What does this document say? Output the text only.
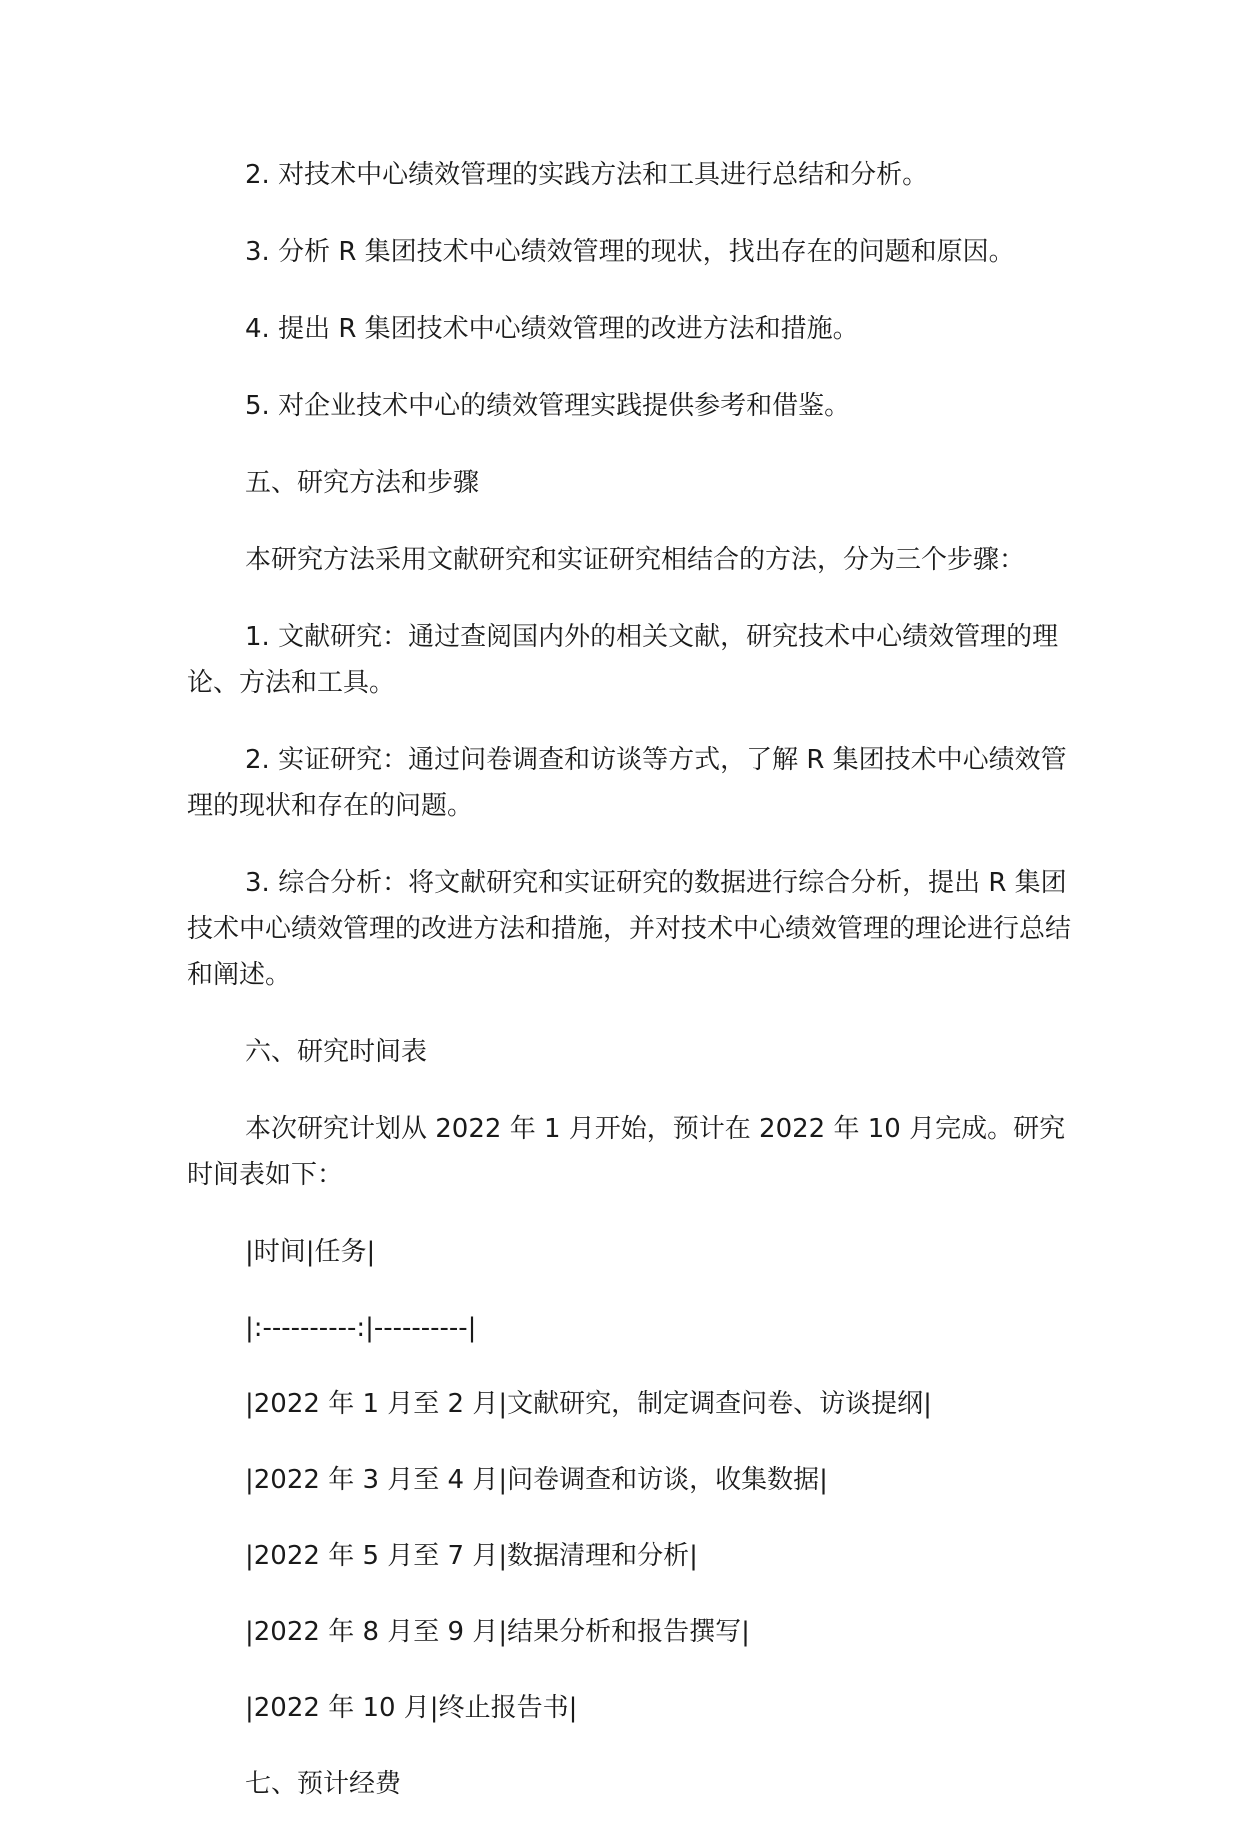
2. 对技术中心绩效管理的实践方法和工具进行总结和分析。

3. 分析 R 集团技术中心绩效管理的现状，找出存在的问题和原因。

4. 提出 R 集团技术中心绩效管理的改进方法和措施。

5. 对企业技术中心的绩效管理实践提供参考和借鉴。

五、研究方法和步骤

本研究方法采用文献研究和实证研究相结合的方法，分为三个步骤：

1. 文献研究：通过查阅国内外的相关文献，研究技术中心绩效管理的理论、方法和工具。

2. 实证研究：通过问卷调查和访谈等方式，了解 R 集团技术中心绩效管理的现状和存在的问题。

3. 综合分析：将文献研究和实证研究的数据进行综合分析，提出 R 集团技术中心绩效管理的改进方法和措施，并对技术中心绩效管理的理论进行总结和阐述。

六、研究时间表

本次研究计划从 2022 年 1 月开始，预计在 2022 年 10 月完成。研究时间表如下：

|时间|任务|

|:----------:|----------|

|2022 年 1 月至 2 月|文献研究，制定调查问卷、访谈提纲|

|2022 年 3 月至 4 月|问卷调查和访谈，收集数据|

|2022 年 5 月至 7 月|数据清理和分析|

|2022 年 8 月至 9 月|结果分析和报告撰写|

|2022 年 10 月|终止报告书|

七、预计经费
